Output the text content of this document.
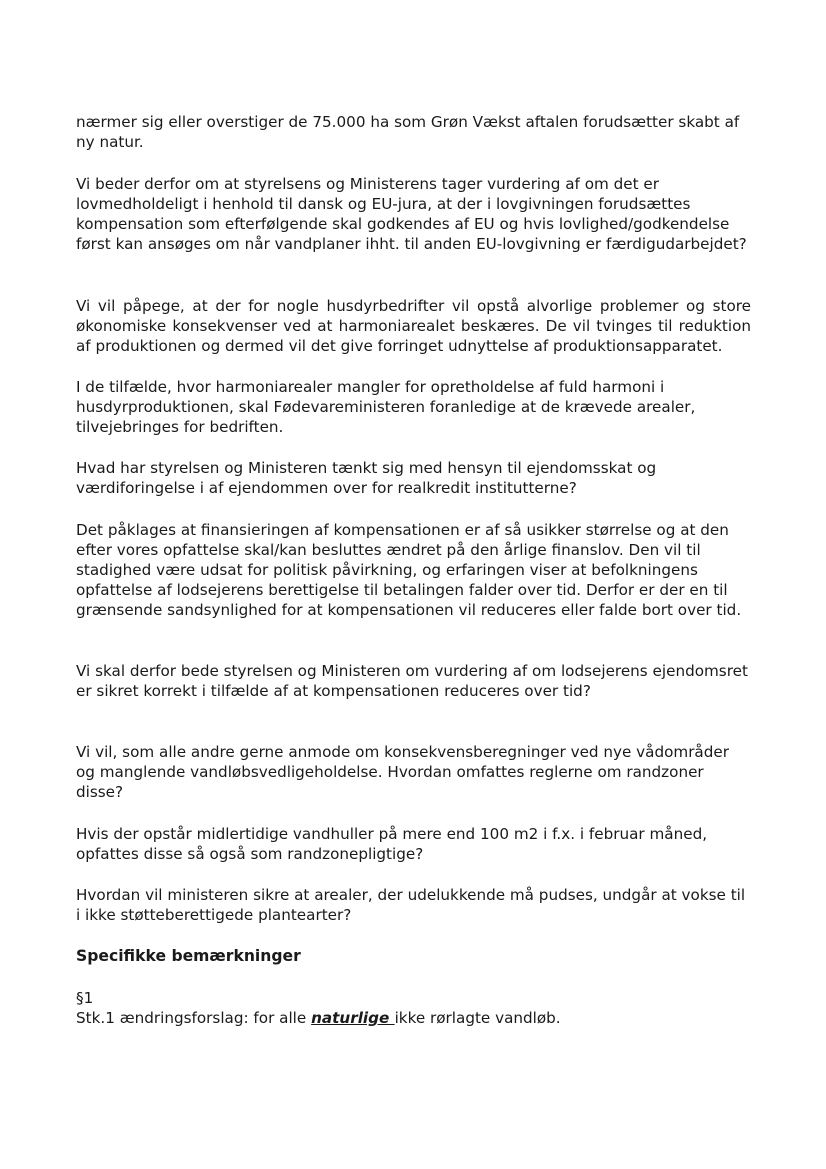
nærmer sig eller overstiger de 75.000 ha som Grøn Vækst aftalen forudsætter skabt af ny natur.

Vi beder derfor om at styrelsens og Ministerens tager vurdering af om det er lovmedholdeligt i henhold til dansk og EU-jura, at der i lovgivningen forudsættes kompensation som efterfølgende skal godkendes af EU og hvis lovlighed/godkendelse først kan ansøges om når vandplaner ihht. til anden EU-lovgivning er færdigudarbejdet?

Vi vil påpege, at der for nogle husdyrbedrifter vil opstå alvorlige problemer og store økonomiske konsekvenser ved at harmoniarealet beskæres. De vil tvinges til reduktion af produktionen og dermed vil det give forringet udnyttelse af produktionsapparatet.

I de tilfælde, hvor harmoniarealer mangler for opretholdelse af fuld harmoni i husdyrproduktionen, skal Fødevareministeren foranledige at de krævede arealer, tilvejebringes for bedriften.

Hvad har styrelsen og Ministeren tænkt sig med hensyn til ejendomsskat og værdiforingelse i af ejendommen over for realkredit institutterne?

Det påklages at finansieringen af kompensationen er af så usikker størrelse og at den efter vores opfattelse skal/kan besluttes ændret på den årlige finanslov. Den vil til stadighed være udsat for politisk påvirkning, og erfaringen viser at befolkningens opfattelse af lodsejerens berettigelse til betalingen falder over tid. Derfor er der en til grænsende sandsynlighed for at kompensationen vil reduceres eller falde bort over tid.

Vi skal derfor bede styrelsen og Ministeren om vurdering af om lodsejerens ejendomsret er sikret korrekt i tilfælde af at kompensationen reduceres over tid?

Vi vil, som alle andre gerne anmode om konsekvensberegninger ved nye vådområder og manglende vandløbsvedligeholdelse. Hvordan omfattes reglerne om randzoner disse?

Hvis der opstår midlertidige vandhuller på mere end 100 m2 i f.x. i februar måned, opfattes disse så også som randzonepligtige?

Hvordan vil ministeren sikre at arealer, der udelukkende må pudses, undgår at vokse til i ikke støtteberettigede plantearter?

Specifikke bemærkninger

§1

Stk.1 ændringsforslag: for alle naturlige ikke rørlagte vandløb.
